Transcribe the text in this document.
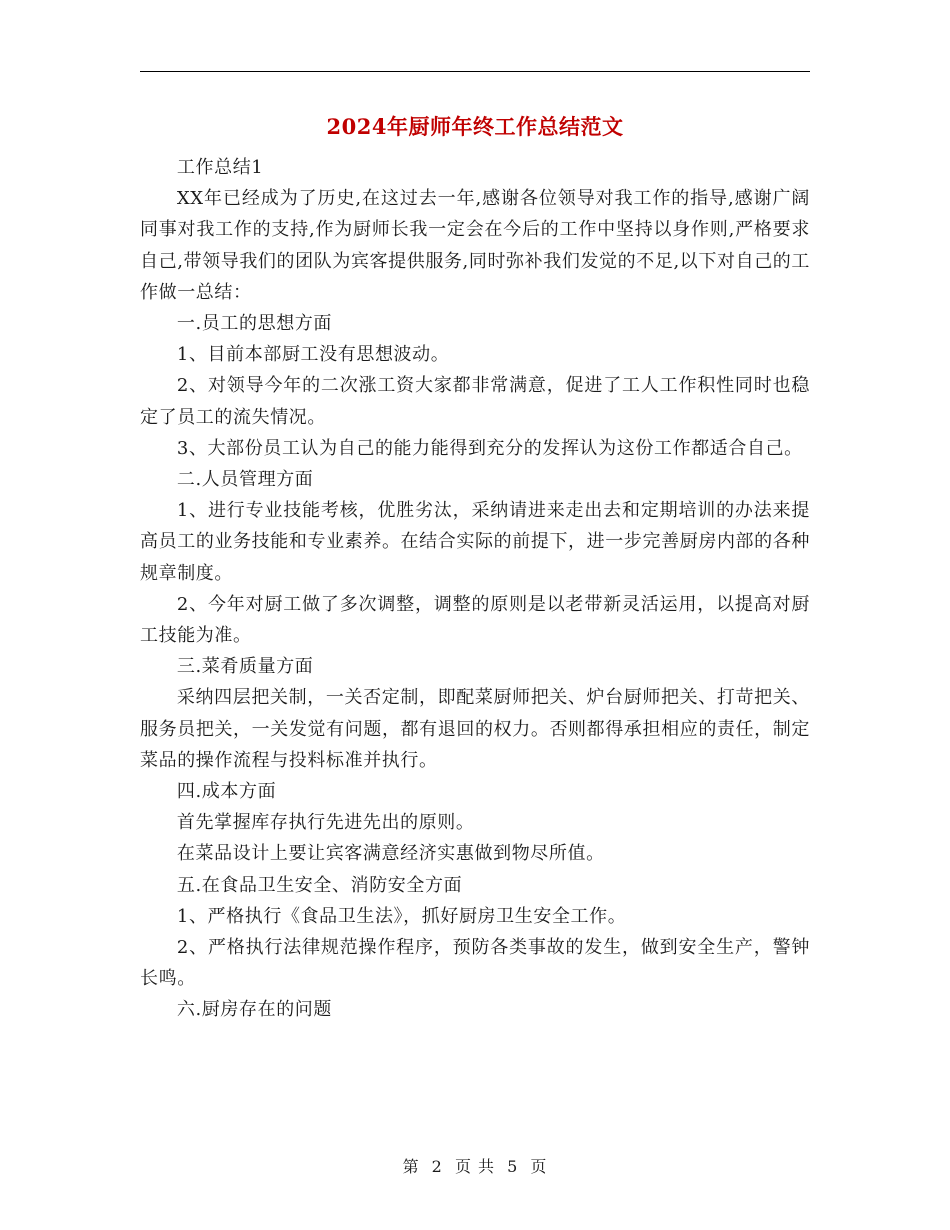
2024年厨师年终工作总结范文

工作总结1

XX年已经成为了历史,在这过去一年,感谢各位领导对我工作的指导,感谢广阔同事对我工作的支持,作为厨师长我一定会在今后的工作中坚持以身作则,严格要求自己,带领导我们的团队为宾客提供服务,同时弥补我们发觉的不足,以下对自己的工作做一总结：

一.员工的思想方面

1、目前本部厨工没有思想波动。

2、对领导今年的二次涨工资大家都非常满意，促进了工人工作积性同时也稳定了员工的流失情况。

3、大部份员工认为自己的能力能得到充分的发挥认为这份工作都适合自己。

二.人员管理方面

1、进行专业技能考核，优胜劣汰，采纳请进来走出去和定期培训的办法来提高员工的业务技能和专业素养。在结合实际的前提下，进一步完善厨房内部的各种规章制度。

2、今年对厨工做了多次调整，调整的原则是以老带新灵活运用，以提高对厨工技能为准。

三.菜肴质量方面

采纳四层把关制，一关否定制，即配菜厨师把关、炉台厨师把关、打苛把关、服务员把关，一关发觉有问题，都有退回的权力。否则都得承担相应的责任，制定菜品的操作流程与投料标准并执行。

四.成本方面

首先掌握库存执行先进先出的原则。

在菜品设计上要让宾客满意经济实惠做到物尽所值。

五.在食品卫生安全、消防安全方面

1、严格执行《食品卫生法》，抓好厨房卫生安全工作。

2、严格执行法律规范操作程序，预防各类事故的发生，做到安全生产，警钟长鸣。

六.厨房存在的问题

第 2 页 共 5 页
